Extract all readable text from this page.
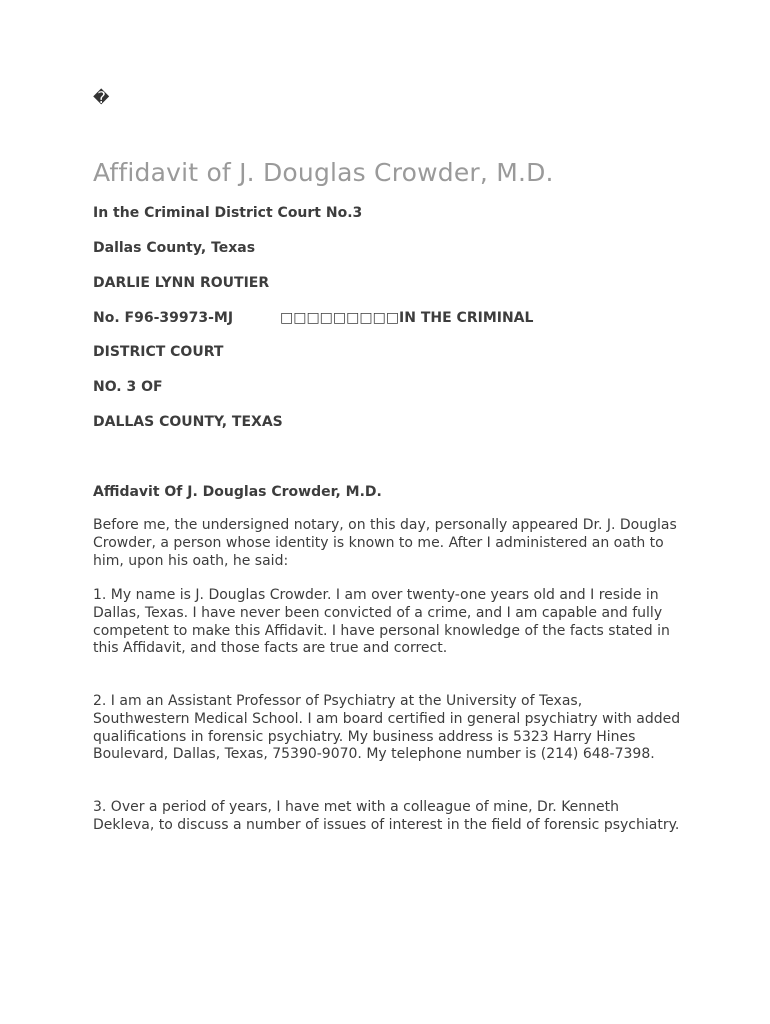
�
Affidavit of J. Douglas Crowder, M.D.

In the Criminal District Court No.3

Dallas County, Texas

DARLIE LYNN ROUTIER

No. F96-39973-MJ	□□□□□□□□□IN THE CRIMINAL

DISTRICT COURT

NO. 3 OF

DALLAS COUNTY, TEXAS

Affidavit Of J. Douglas Crowder, M.D.

Before me, the undersigned notary, on this day, personally appeared Dr. J. Douglas Crowder, a person whose identity is known to me. After I administered an oath to him, upon his oath, he said:

1. My name is J. Douglas Crowder. I am over twenty-one years old and I reside in Dallas, Texas. I have never been convicted of a crime, and I am capable and fully competent to make this Affidavit. I have personal knowledge of the facts stated in this Affidavit, and those facts are true and correct.

2. I am an Assistant Professor of Psychiatry at the University of Texas, Southwestern Medical School. I am board certified in general psychiatry with added qualifications in forensic psychiatry. My business address is 5323 Harry Hines Boulevard, Dallas, Texas, 75390-9070. My telephone number is (214) 648-7398.

3. Over a period of years, I have met with a colleague of mine, Dr. Kenneth Dekleva, to discuss a number of issues of interest in the field of forensic psychiatry.
